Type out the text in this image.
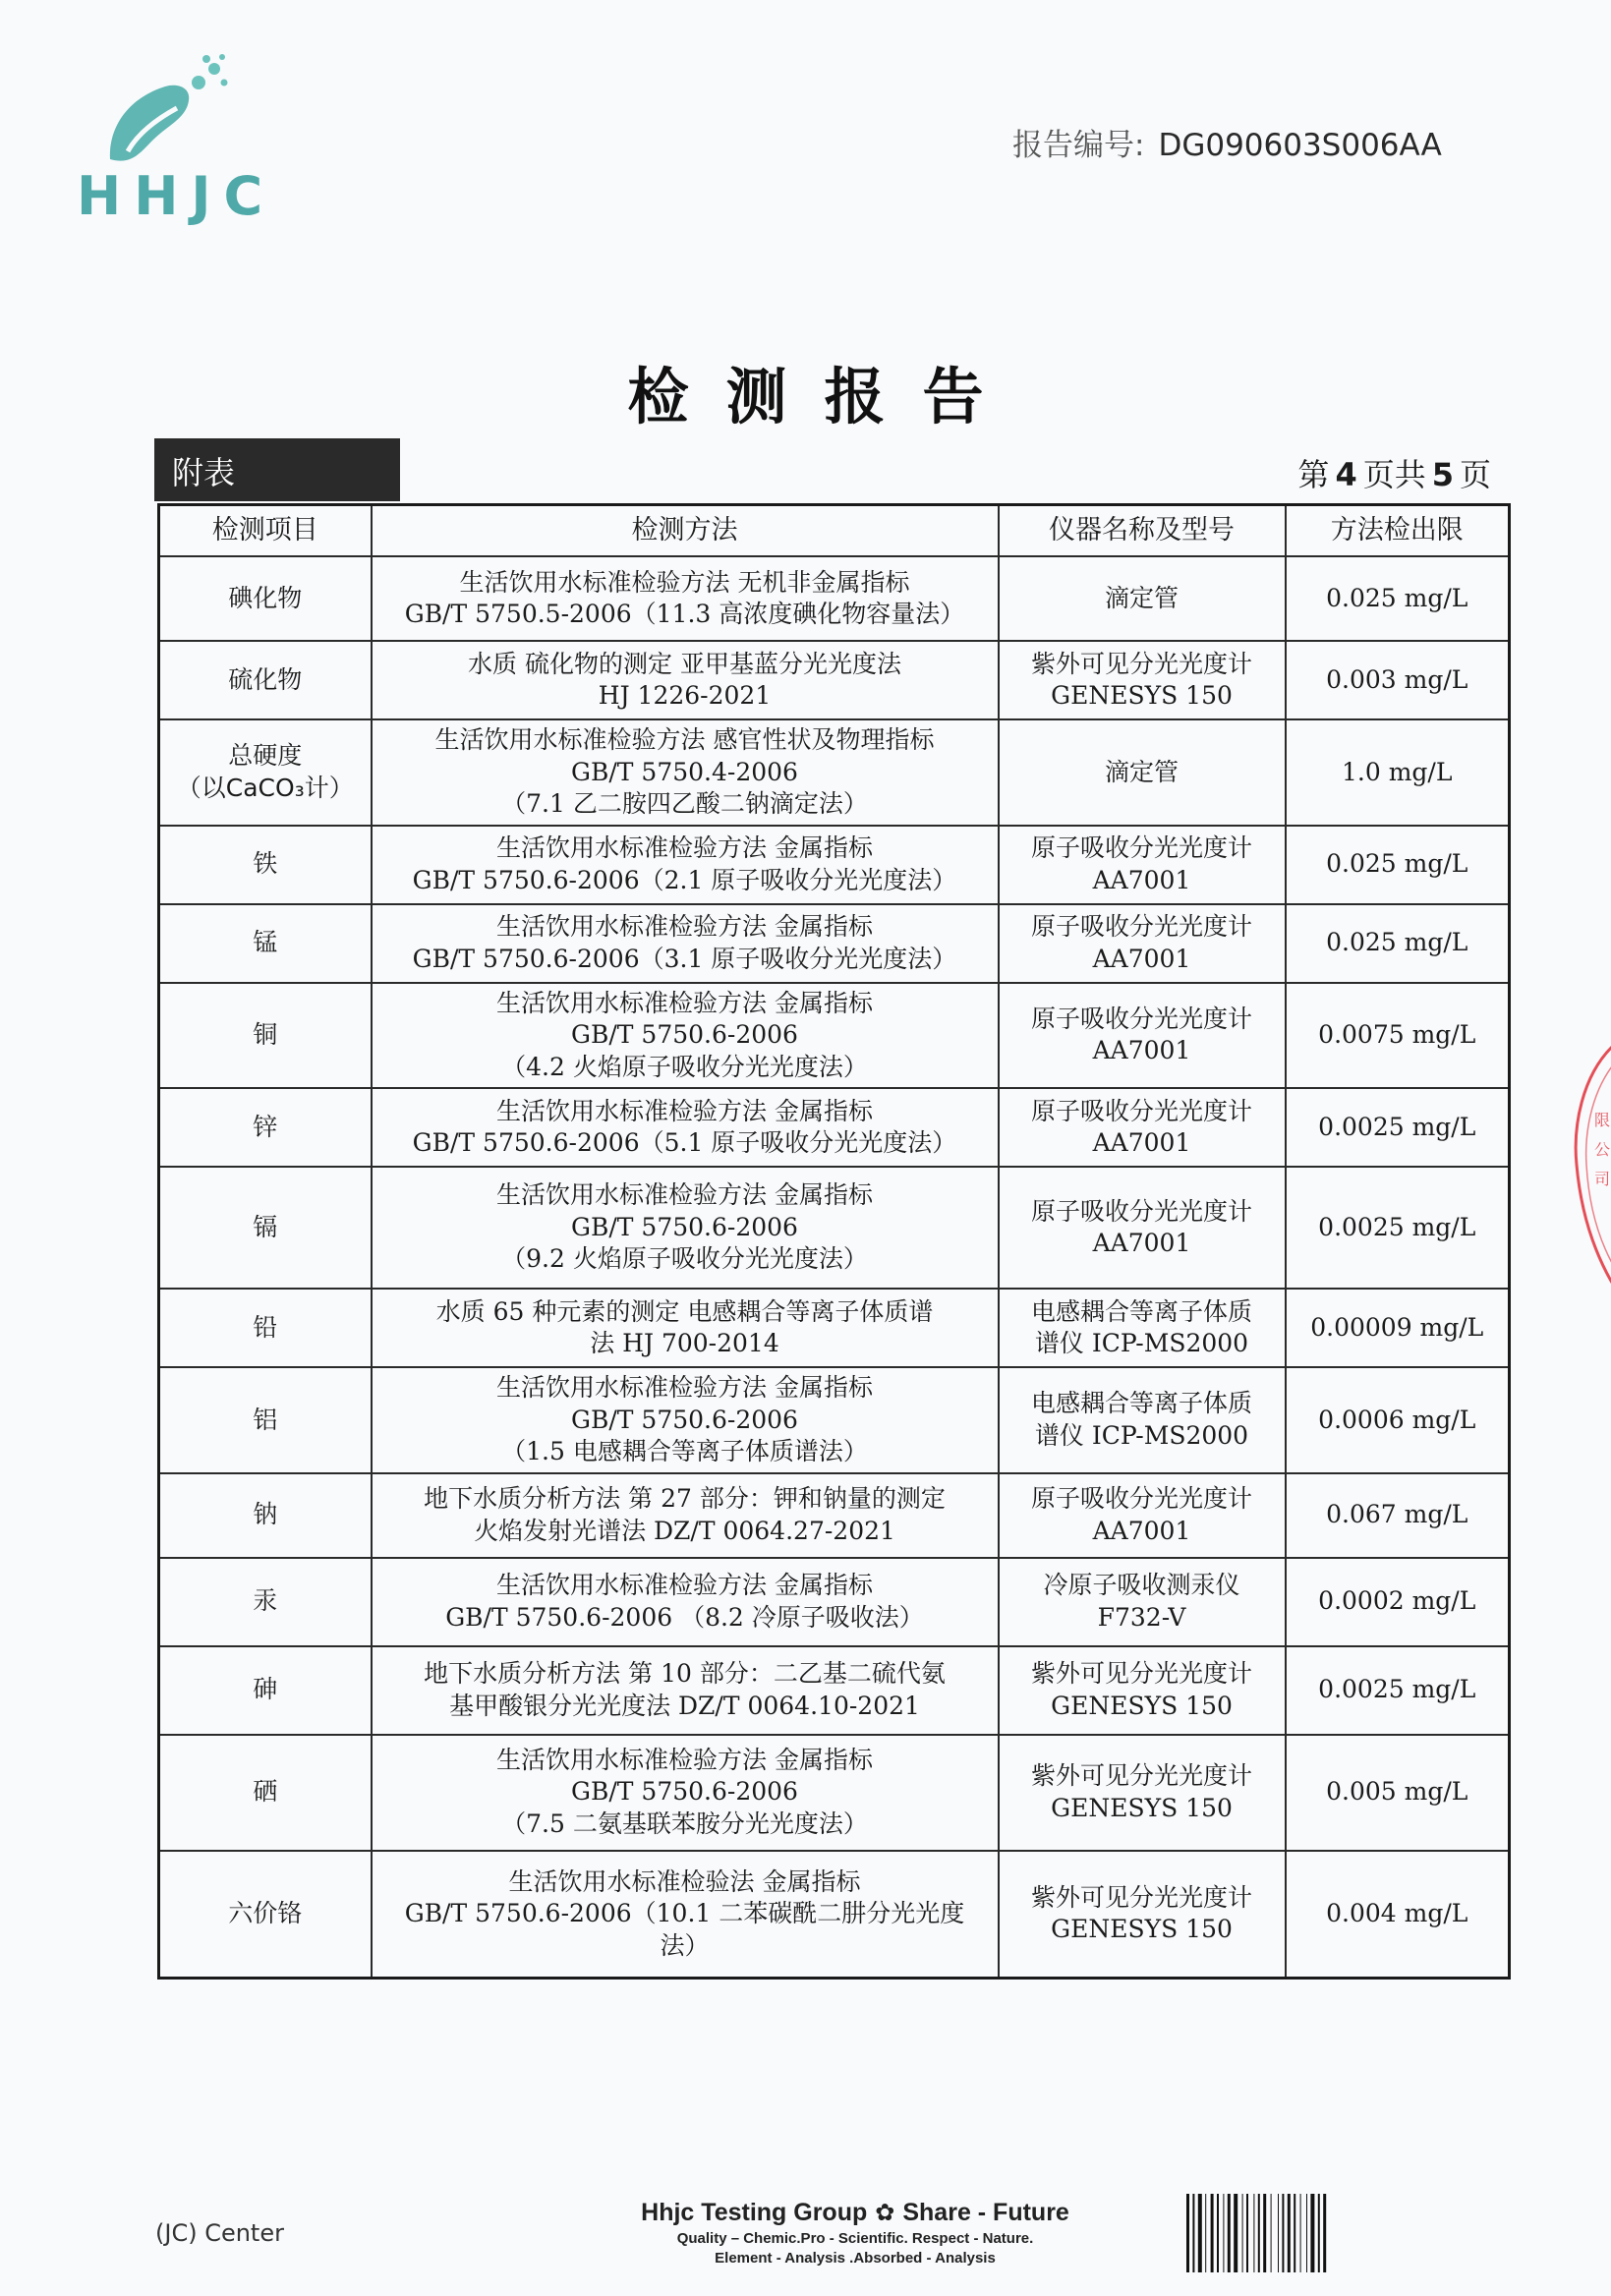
HHJC
报告编号: DG090603S006AA
检测报告
附表	第 4 页共 5 页
检测项目	检测方法	仪器名称及型号	方法检出限

碘化物	生活饮用水标准检验方法 无机非金属指标
GB/T 5750.5-2006（11.3 高浓度碘化物容量法）	滴定管	0.025 mg/L

硫化物	水质 硫化物的测定 亚甲基蓝分光光度法
HJ 1226-2021	紫外可见分光光度计
GENESYS 150	0.003 mg/L

总硬度
（以CaCO₃计）	生活饮用水标准检验方法 感官性状及物理指标
GB/T 5750.4-2006
（7.1 乙二胺四乙酸二钠滴定法）	滴定管	1.0 mg/L

铁	生活饮用水标准检验方法 金属指标
GB/T 5750.6-2006（2.1 原子吸收分光光度法）	原子吸收分光光度计
AA7001	0.025 mg/L

锰	生活饮用水标准检验方法 金属指标
GB/T 5750.6-2006（3.1 原子吸收分光光度法）	原子吸收分光光度计
AA7001	0.025 mg/L

铜	生活饮用水标准检验方法 金属指标
GB/T 5750.6-2006
（4.2 火焰原子吸收分光光度法）	原子吸收分光光度计
AA7001	0.0075 mg/L

锌	生活饮用水标准检验方法 金属指标
GB/T 5750.6-2006（5.1 原子吸收分光光度法）	原子吸收分光光度计
AA7001	0.0025 mg/L

镉	生活饮用水标准检验方法 金属指标
GB/T 5750.6-2006
（9.2 火焰原子吸收分光光度法）	原子吸收分光光度计
AA7001	0.0025 mg/L

铅	水质 65 种元素的测定 电感耦合等离子体质谱
法 HJ 700-2014	电感耦合等离子体质
谱仪 ICP-MS2000	0.00009 mg/L

铝	生活饮用水标准检验方法 金属指标
GB/T 5750.6-2006
（1.5 电感耦合等离子体质谱法）	电感耦合等离子体质
谱仪 ICP-MS2000	0.0006 mg/L

钠	地下水质分析方法 第 27 部分：钾和钠量的测定
火焰发射光谱法 DZ/T 0064.27-2021	原子吸收分光光度计
AA7001	0.067 mg/L

汞	生活饮用水标准检验方法 金属指标
GB/T 5750.6-2006 （8.2 冷原子吸收法）	冷原子吸收测汞仪
F732-V	0.0002 mg/L

砷	地下水质分析方法 第 10 部分：二乙基二硫代氨
基甲酸银分光光度法 DZ/T 0064.10-2021	紫外可见分光光度计
GENESYS 150	0.0025 mg/L

硒	生活饮用水标准检验方法 金属指标
GB/T 5750.6-2006
（7.5 二氨基联苯胺分光光度法）	紫外可见分光光度计
GENESYS 150	0.005 mg/L

六价铬	生活饮用水标准检验法 金属指标
GB/T 5750.6-2006（10.1 二苯碳酰二肼分光光度
法）	紫外可见分光光度计
GENESYS 150	0.004 mg/L
限
公
司
(JC) Center
Hhjc Testing Group ✿ Share - Future
Quality – Chemic.Pro - Scientific. Respect - Nature.
Element - Analysis .Absorbed - Analysis
